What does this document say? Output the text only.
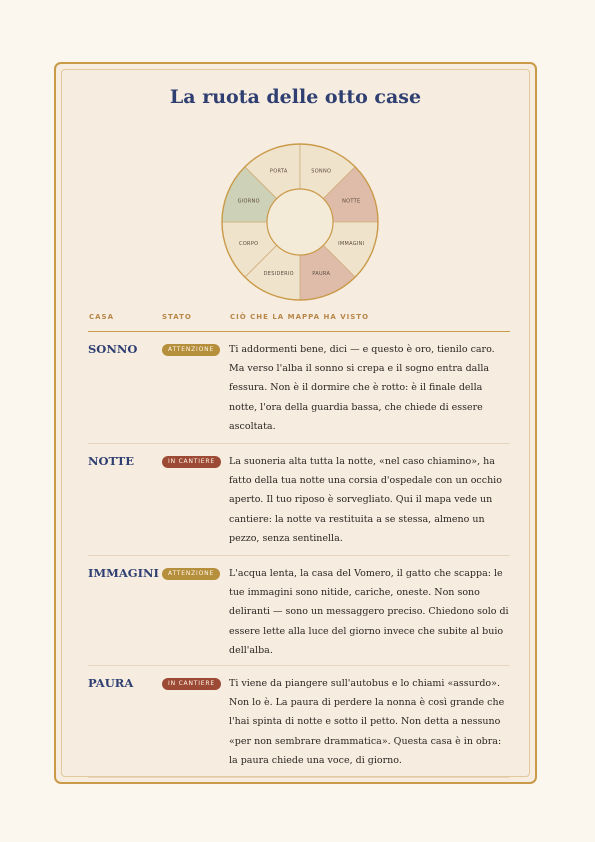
La ruota delle otto case
PORTA	SONNO
NOTTE
IMMAGINI
PAURA
DESIDERIO
CORPO
GIORNO
CASA	STATO	CIÒ CHE LA MAPPA HA VISTO
SONNO	ATTENZIONE	Ti addormenti bene, dici — e questo è oro, tienilo caro. Ma verso l'alba il sonno si crepa e il sogno entra dalla fessura. Non è il dormire che è rotto: è il finale della notte, l'ora della guardia bassa, che chiede di essere ascoltata.
NOTTE	IN CANTIERE	La suoneria alta tutta la notte, «nel caso chiamino», ha fatto della tua notte una corsia d'ospedale con un occhio aperto. Il tuo riposo è sorvegliato. Qui il mapa vede un cantiere: la notte va restituita a se stessa, almeno un pezzo, senza sentinella.
IMMAGINI	ATTENZIONE	L'acqua lenta, la casa del Vomero, il gatto che scappa: le tue immagini sono nitide, cariche, oneste. Non sono deliranti — sono un messaggero preciso. Chiedono solo di essere lette alla luce del giorno invece che subite al buio dell'alba.
PAURA	IN CANTIERE	Ti viene da piangere sull'autobus e lo chiami «assurdo». Non lo è. La paura di perdere la nonna è così grande che l'hai spinta di notte e sotto il petto. Non detta a nessuno «per non sembrare drammatica». Questa casa è in obra: la paura chiede una voce, di giorno.
